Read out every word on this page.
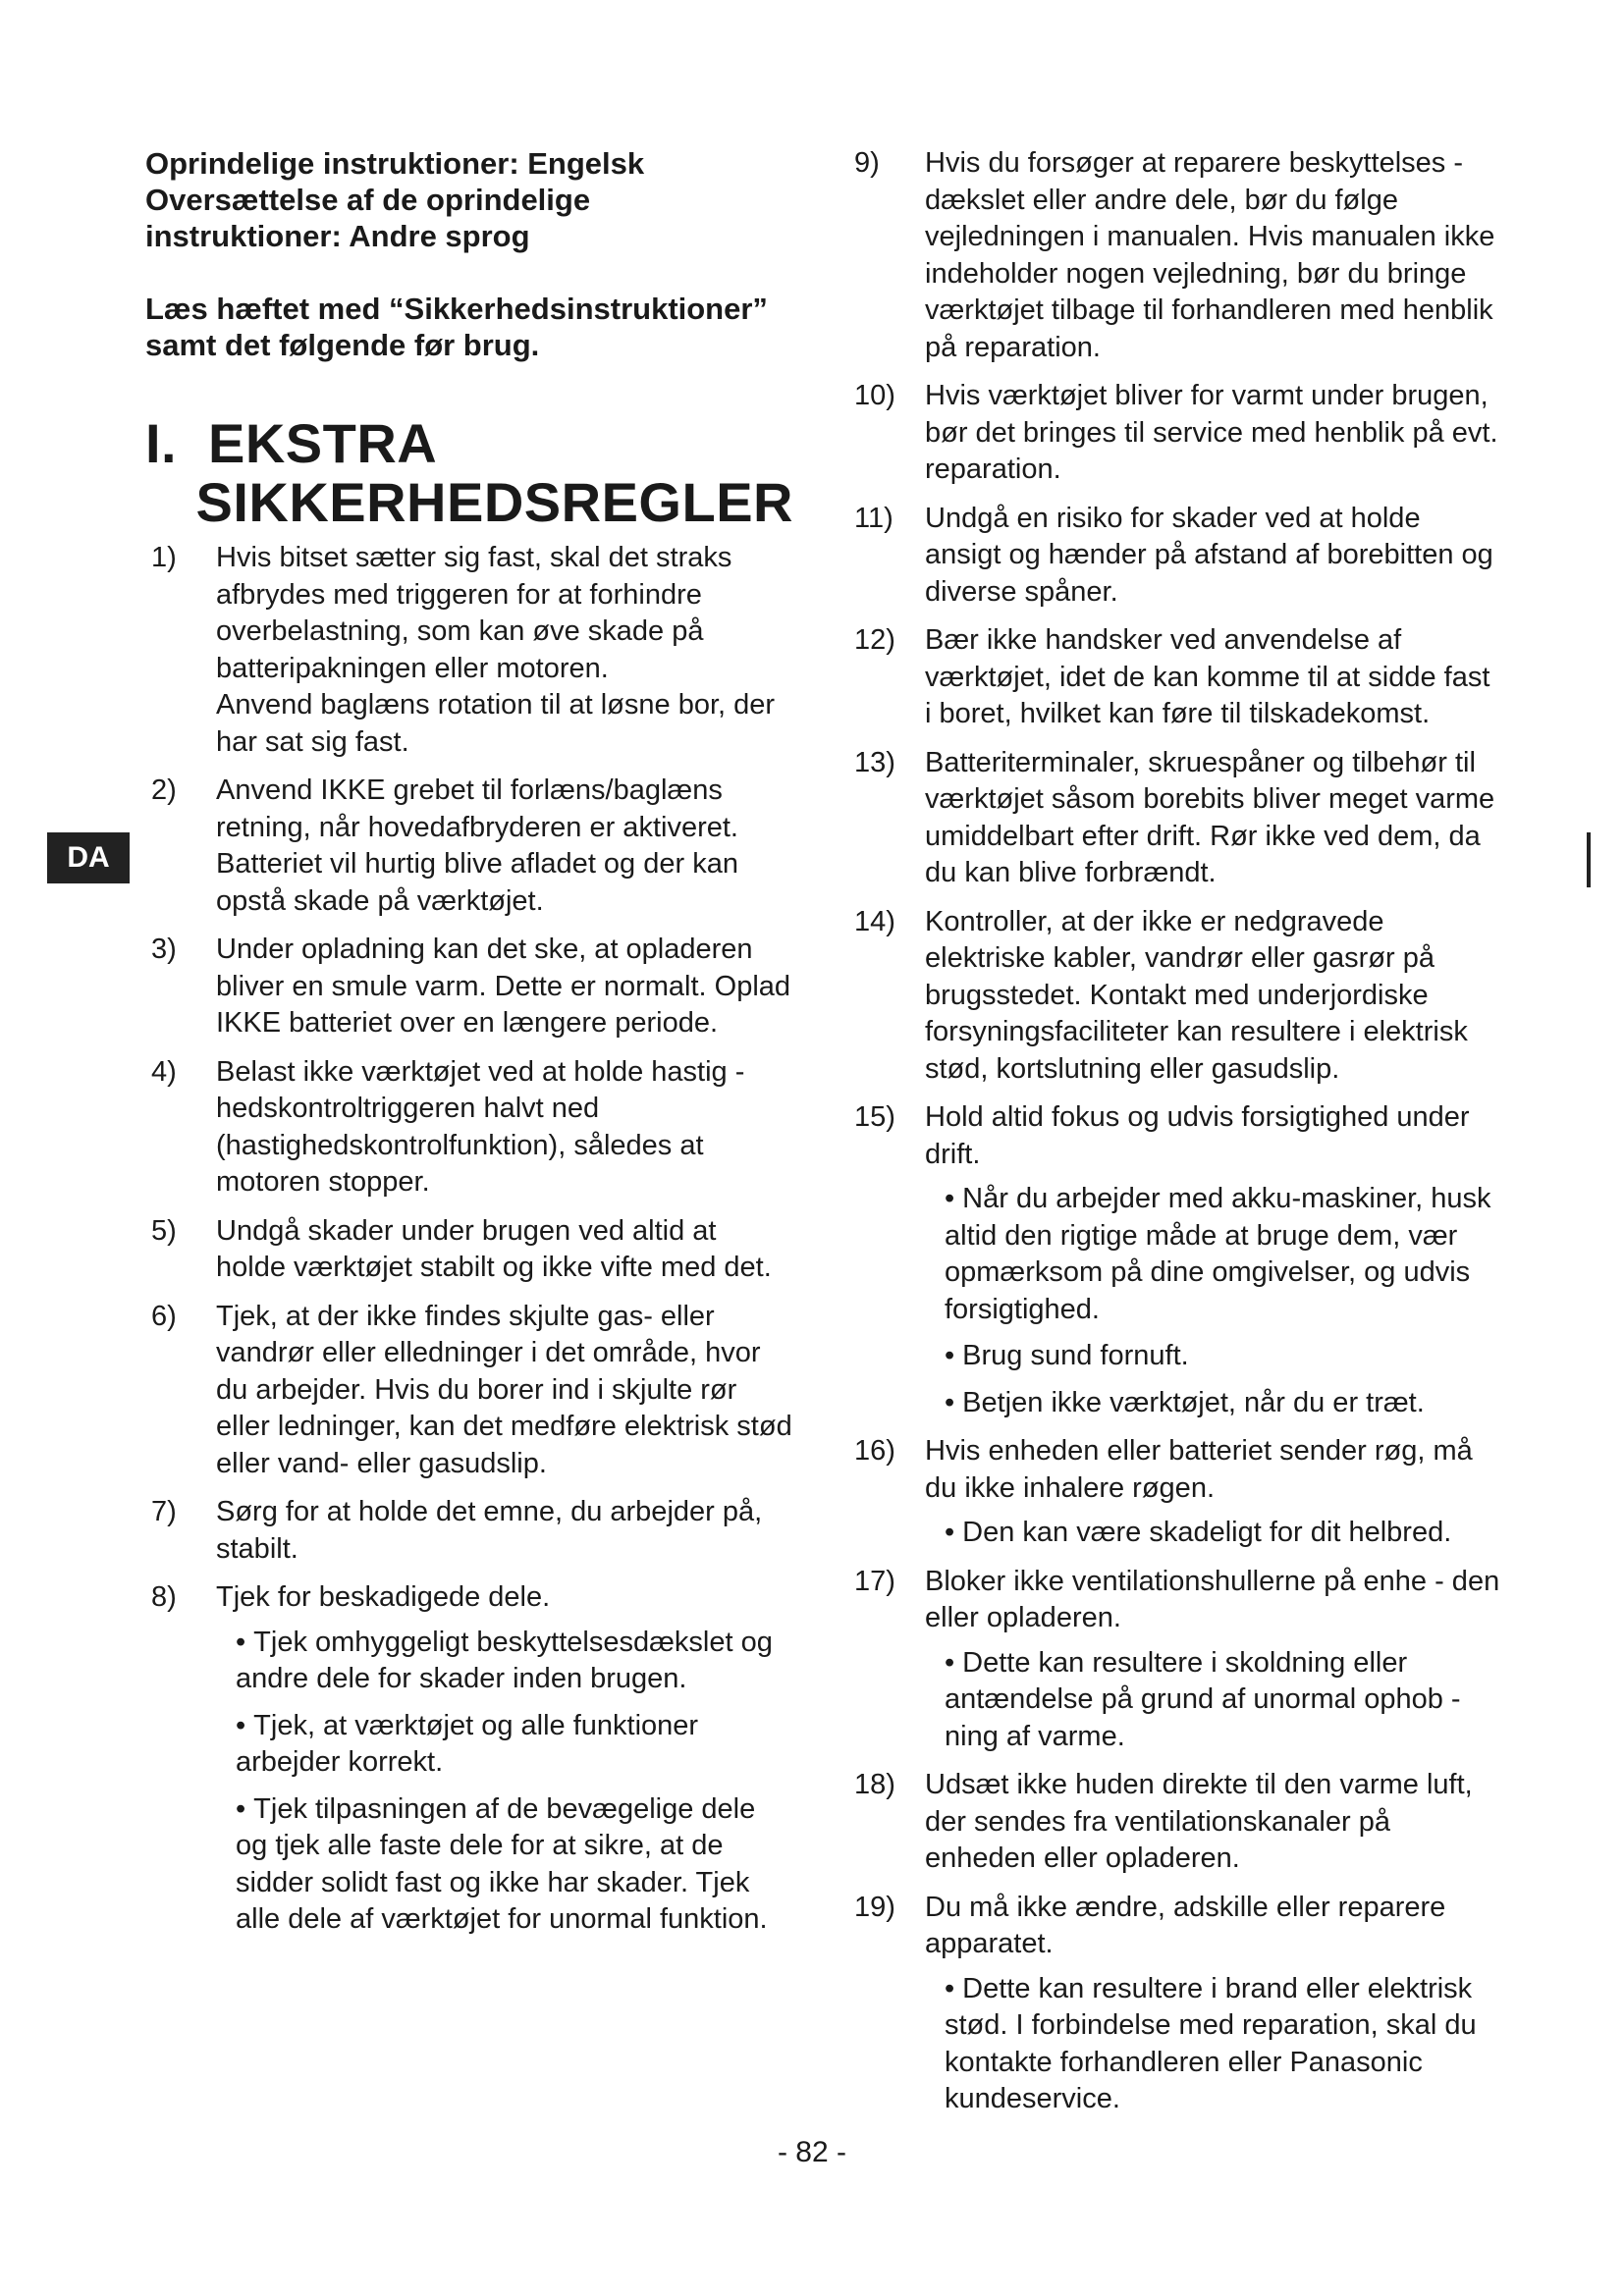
Oprindelige instruktioner: Engelsk
Oversættelse af de oprindelige instruktioner: Andre sprog

Læs hæftet med “Sikkerhedsinstruktioner” samt det følgende før brug.

I. EKSTRA
SIKKERHEDSREGLER
1) Hvis bitset sætter sig fast, skal det straks afbrydes med triggeren for at forhindre overbelastning, som kan øve skade på batteripakningen eller motoren.
Anvend baglæns rotation til at løsne bor, der har sat sig fast.
2) Anvend IKKE grebet til forlæns/baglæns retning, når hovedafbryderen er aktiveret. Batteriet vil hurtig blive afladet og der kan opstå skade på værktøjet.
3) Under opladning kan det ske, at opladeren bliver en smule varm. Dette er normalt. Oplad IKKE batteriet over en længere periode.
4) Belast ikke værktøjet ved at holde hastig - hedskontroltriggeren halvt ned (hastighedskontrolfunktion), således at motoren stopper.
5) Undgå skader under brugen ved altid at holde værktøjet stabilt og ikke vifte med det.
6) Tjek, at der ikke findes skjulte gas- eller vandrør eller elledninger i det område, hvor du arbejder. Hvis du borer ind i skjulte rør eller ledninger, kan det medføre elektrisk stød eller vand- eller gasudslip.
7) Sørg for at holde det emne, du arbejder på, stabilt.
8) Tjek for beskadigede dele.
• Tjek omhyggeligt beskyttelsesdækslet og andre dele for skader inden brugen.
• Tjek, at værktøjet og alle funktioner arbejder korrekt.
• Tjek tilpasningen af de bevægelige dele og tjek alle faste dele for at sikre, at de sidder solidt fast og ikke har skader. Tjek alle dele af værktøjet for unormal funktion.
9) Hvis du forsøger at reparere beskyttelses - dækslet eller andre dele, bør du følge vejledningen i manualen. Hvis manualen ikke indeholder nogen vejledning, bør du bringe værktøjet tilbage til forhandleren med henblik på reparation.
10) Hvis værktøjet bliver for varmt under brugen, bør det bringes til service med henblik på evt. reparation.
11) Undgå en risiko for skader ved at holde ansigt og hænder på afstand af borebitten og diverse spåner.
12) Bær ikke handsker ved anvendelse af værktøjet, idet de kan komme til at sidde fast i boret, hvilket kan føre til tilskadekomst.
13) Batteriterminaler, skruespåner og tilbehør til værktøjet såsom borebits bliver meget varme umiddelbart efter drift. Rør ikke ved dem, da du kan blive forbrændt.
14) Kontroller, at der ikke er nedgravede elektriske kabler, vandrør eller gasrør på brugsstedet. Kontakt med underjordiske forsyningsfaciliteter kan resultere i elektrisk stød, kortslutning eller gasudslip.
15) Hold altid fokus og udvis forsigtighed under drift.
• Når du arbejder med akku-maskiner, husk altid den rigtige måde at bruge dem, vær opmærksom på dine omgivelser, og udvis forsigtighed.
• Brug sund fornuft.
• Betjen ikke værktøjet, når du er træt.
16) Hvis enheden eller batteriet sender røg, må du ikke inhalere røgen.
• Den kan være skadeligt for dit helbred.
17) Bloker ikke ventilationshullerne på enhe - den eller opladeren.
• Dette kan resultere i skoldning eller antændelse på grund af unormal ophob - ning af varme.
18) Udsæt ikke huden direkte til den varme luft, der sendes fra ventilationskanaler på enheden eller opladeren.
19) Du må ikke ændre, adskille eller reparere apparatet.
• Dette kan resultere i brand eller elektrisk stød. I forbindelse med reparation, skal du kontakte forhandleren eller Panasonic kundeservice.
DA
- 82 -
